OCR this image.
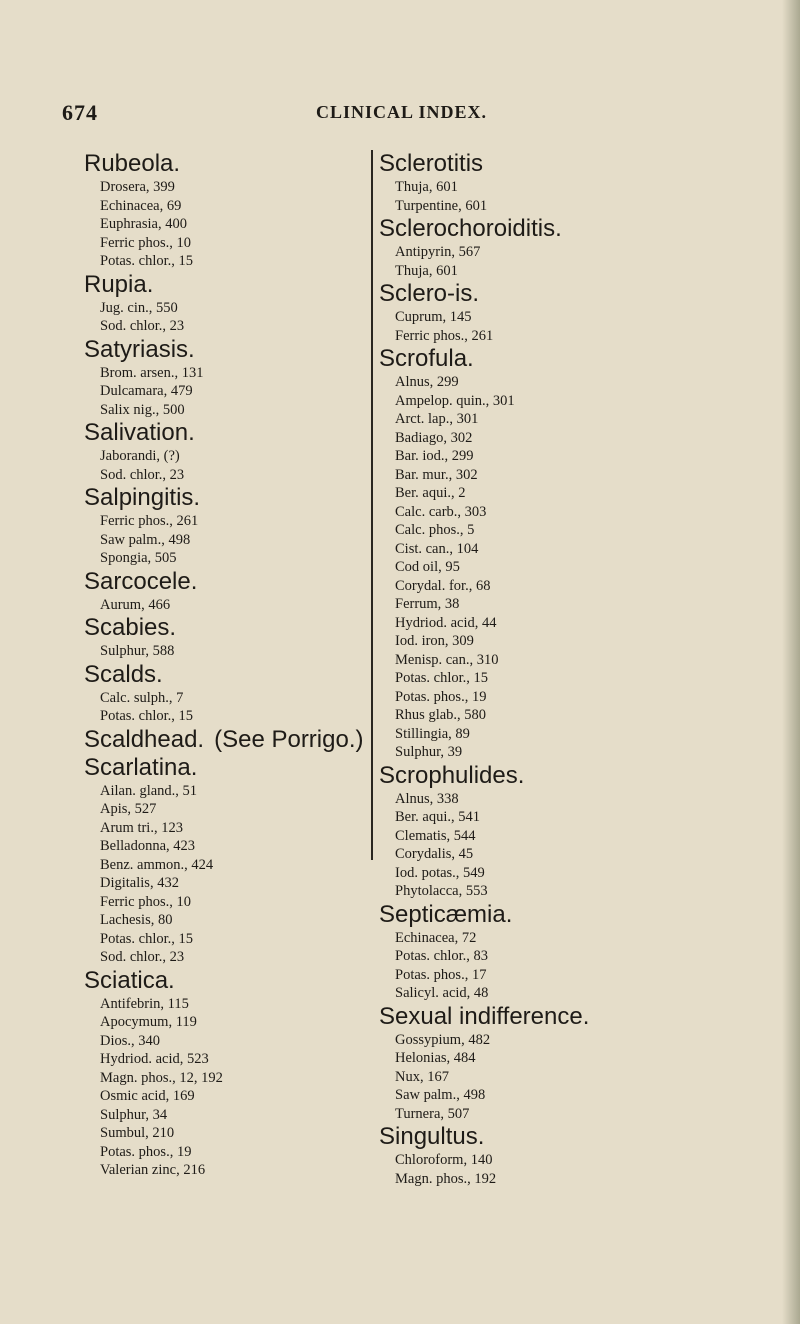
674	CLINICAL INDEX.
Rubeola.
Drosera, 399
Echinacea, 69
Euphrasia, 400
Ferric phos., 10
Potas. chlor., 15
Rupia.
Jug. cin., 550
Sod. chlor., 23
Satyriasis.
Brom. arsen., 131
Dulcamara, 479
Salix nig., 500
Salivation.
Jaborandi, (?)
Sod. chlor., 23
Salpingitis.
Ferric phos., 261
Saw palm., 498
Spongia, 505
Sarcocele.
Aurum, 466
Scabies.
Sulphur, 588
Scalds.
Calc. sulph., 7
Potas. chlor., 15
Scaldhead. (See Porrigo.)
Scarlatina.
Ailan. gland., 51
Apis, 527
Arum tri., 123
Belladonna, 423
Benz. ammon., 424
Digitalis, 432
Ferric phos., 10
Lachesis, 80
Potas. chlor., 15
Sod. chlor., 23
Sciatica.
Antifebrin, 115
Apocymum, 119
Dios., 340
Hydriod. acid, 523
Magn. phos., 12, 192
Osmic acid, 169
Sulphur, 34
Sumbul, 210
Potas. phos., 19
Valerian zinc, 216
Sclerotitis
Thuja, 601
Turpentine, 601
Sclerochoroiditis.
Antipyrin, 567
Thuja, 601
Sclero-is.
Cuprum, 145
Ferric phos., 261
Scrofula.
Alnus, 299
Ampelop. quin., 301
Arct. lap., 301
Badiago, 302
Bar. iod., 299
Bar. mur., 302
Ber. aqui., 2
Calc. carb., 303
Calc. phos., 5
Cist. can., 104
Cod oil, 95
Corydal. for., 68
Ferrum, 38
Hydriod. acid, 44
Iod. iron, 309
Menisp. can., 310
Potas. chlor., 15
Potas. phos., 19
Rhus glab., 580
Stillingia, 89
Sulphur, 39
Scrophulides.
Alnus, 338
Ber. aqui., 541
Clematis, 544
Corydalis, 45
Iod. potas., 549
Phytolacca, 553
Septicæmia.
Echinacea, 72
Potas. chlor., 83
Potas. phos., 17
Salicyl. acid, 48
Sexual indifference.
Gossypium, 482
Helonias, 484
Nux, 167
Saw palm., 498
Turnera, 507
Singultus.
Chloroform, 140
Magn. phos., 192
